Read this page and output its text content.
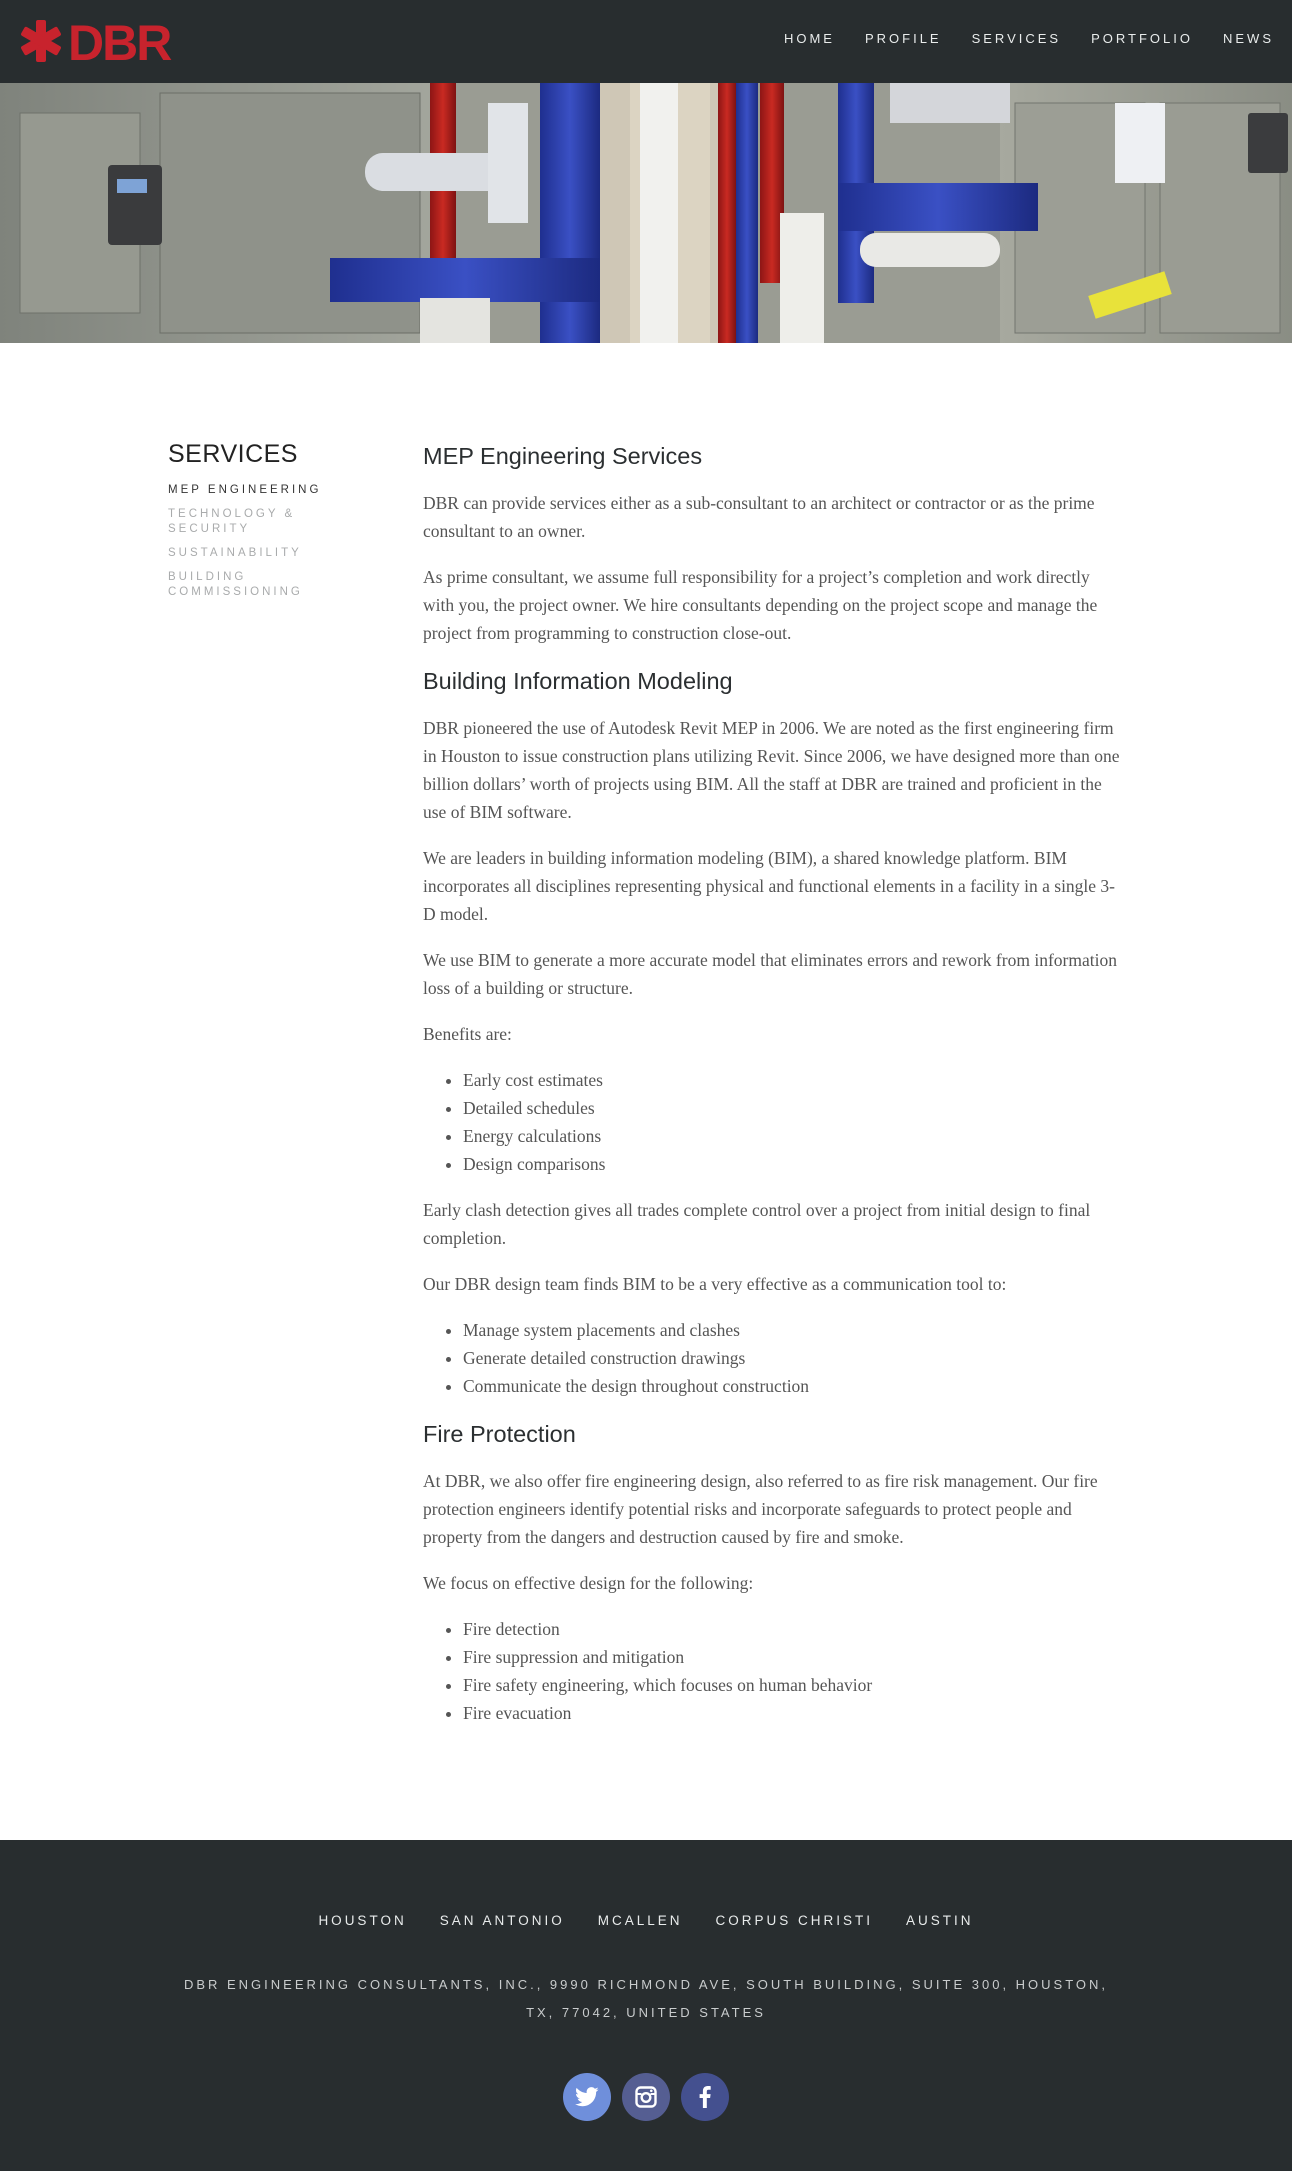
DBR	HOME PROFILE SERVICES PORTFOLIO NEWS
SERVICES
MEP ENGINEERING
TECHNOLOGY & SECURITY
SUSTAINABILITY
BUILDING COMMISSIONING
MEP Engineering Services

DBR can provide services either as a sub-consultant to an architect or contractor or as the prime consultant to an owner.

As prime consultant, we assume full responsibility for a project’s completion and work directly with you, the project owner. We hire consultants depending on the project scope and manage the project from programming to construction close-out.

Building Information Modeling

DBR pioneered the use of Autodesk Revit MEP in 2006. We are noted as the first engineering firm in Houston to issue construction plans utilizing Revit. Since 2006, we have designed more than one billion dollars’ worth of projects using BIM. All the staff at DBR are trained and proficient in the use of BIM software.

We are leaders in building information modeling (BIM), a shared knowledge platform. BIM incorporates all disciplines representing physical and functional elements in a facility in a single 3-D model.

We use BIM to generate a more accurate model that eliminates errors and rework from information loss of a building or structure.

Benefits are:

• Early cost estimates
• Detailed schedules
• Energy calculations
• Design comparisons

Early clash detection gives all trades complete control over a project from initial design to final completion.

Our DBR design team finds BIM to be a very effective as a communication tool to:

• Manage system placements and clashes
• Generate detailed construction drawings
• Communicate the design throughout construction
Fire Protection

At DBR, we also offer fire engineering design, also referred to as fire risk management. Our fire protection engineers identify potential risks and incorporate safeguards to protect people and property from the dangers and destruction caused by fire and smoke.

We focus on effective design for the following:

• Fire detection
• Fire suppression and mitigation
• Fire safety engineering, which focuses on human behavior
• Fire evacuation
HOUSTON SAN ANTONIO MCALLEN CORPUS CHRISTI AUSTIN
DBR ENGINEERING CONSULTANTS, INC., 9990 RICHMOND AVE, SOUTH BUILDING, SUITE 300, HOUSTON, TX, 77042, UNITED STATES
